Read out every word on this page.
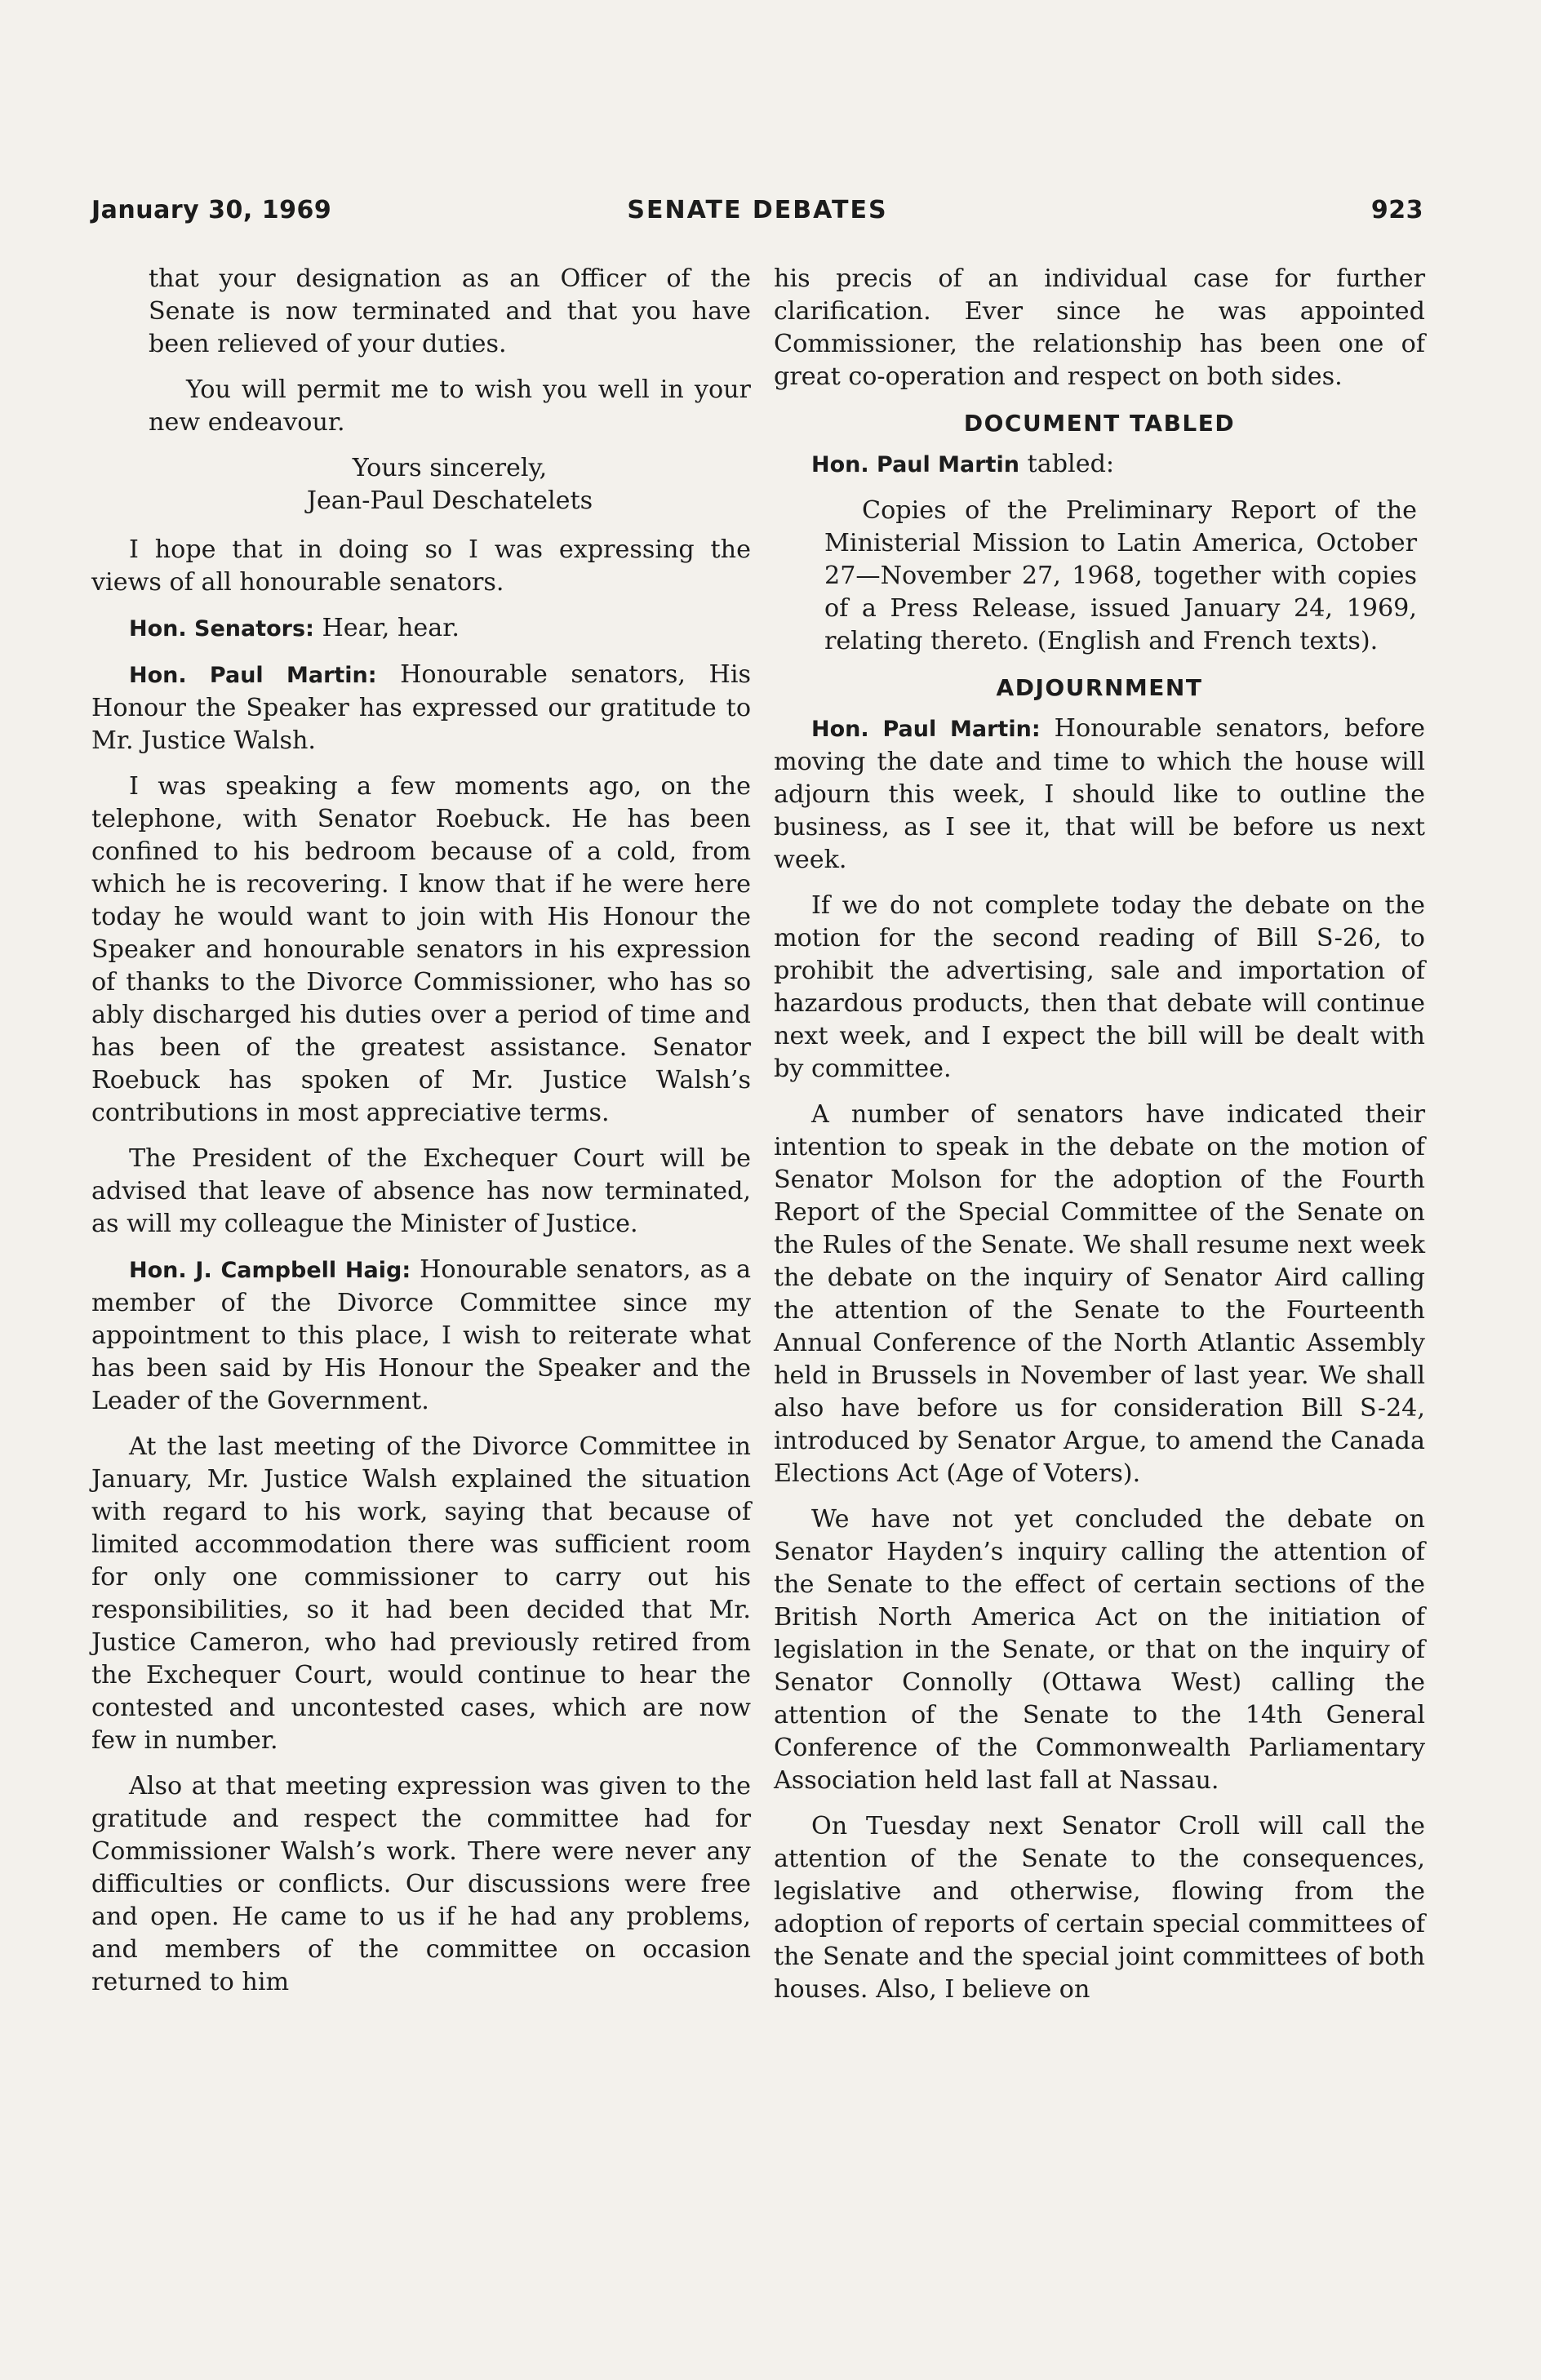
January 30, 1969	SENATE DEBATES	923

that your designation as an Officer of the Senate is now terminated and that you have been relieved of your duties.

You will permit me to wish you well in your new endeavour.

Yours sincerely,

Jean-Paul Deschatelets

I hope that in doing so I was expressing the views of all honourable senators.

Hon. Senators: Hear, hear.

Hon. Paul Martin: Honourable senators, His Honour the Speaker has expressed our gratitude to Mr. Justice Walsh.

I was speaking a few moments ago, on the telephone, with Senator Roebuck. He has been confined to his bedroom because of a cold, from which he is recovering. I know that if he were here today he would want to join with His Honour the Speaker and honourable senators in his expression of thanks to the Divorce Commissioner, who has so ably discharged his duties over a period of time and has been of the greatest assistance. Senator Roebuck has spoken of Mr. Justice Walsh’s contributions in most appreciative terms.

The President of the Exchequer Court will be advised that leave of absence has now terminated, as will my colleague the Minister of Justice.

Hon. J. Campbell Haig: Honourable senators, as a member of the Divorce Committee since my appointment to this place, I wish to reiterate what has been said by His Honour the Speaker and the Leader of the Government.

At the last meeting of the Divorce Committee in January, Mr. Justice Walsh explained the situation with regard to his work, saying that because of limited accommodation there was sufficient room for only one commissioner to carry out his responsibilities, so it had been decided that Mr. Justice Cameron, who had previously retired from the Exchequer Court, would continue to hear the contested and uncontested cases, which are now few in number.

Also at that meeting expression was given to the gratitude and respect the committee had for Commissioner Walsh’s work. There were never any difficulties or conflicts. Our discussions were free and open. He came to us if he had any problems, and members of the committee on occasion returned to him

his precis of an individual case for further clarification. Ever since he was appointed Commissioner, the relationship has been one of great co-operation and respect on both sides.

DOCUMENT TABLED

Hon. Paul Martin tabled:

Copies of the Preliminary Report of the Ministerial Mission to Latin America, October 27—November 27, 1968, together with copies of a Press Release, issued January 24, 1969, relating thereto. (English and French texts).

ADJOURNMENT

Hon. Paul Martin: Honourable senators, before moving the date and time to which the house will adjourn this week, I should like to outline the business, as I see it, that will be before us next week.

If we do not complete today the debate on the motion for the second reading of Bill S-26, to prohibit the advertising, sale and importation of hazardous products, then that debate will continue next week, and I expect the bill will be dealt with by committee.

A number of senators have indicated their intention to speak in the debate on the motion of Senator Molson for the adoption of the Fourth Report of the Special Committee of the Senate on the Rules of the Senate. We shall resume next week the debate on the inquiry of Senator Aird calling the attention of the Senate to the Fourteenth Annual Conference of the North Atlantic Assembly held in Brussels in November of last year. We shall also have before us for consideration Bill S-24, introduced by Senator Argue, to amend the Canada Elections Act (Age of Voters).

We have not yet concluded the debate on Senator Hayden’s inquiry calling the attention of the Senate to the effect of certain sections of the British North America Act on the initiation of legislation in the Senate, or that on the inquiry of Senator Connolly (Ottawa West) calling the attention of the Senate to the 14th General Conference of the Commonwealth Parliamentary Association held last fall at Nassau.

On Tuesday next Senator Croll will call the attention of the Senate to the consequences, legislative and otherwise, flowing from the adoption of reports of certain special committees of the Senate and the special joint committees of both houses. Also, I believe on
